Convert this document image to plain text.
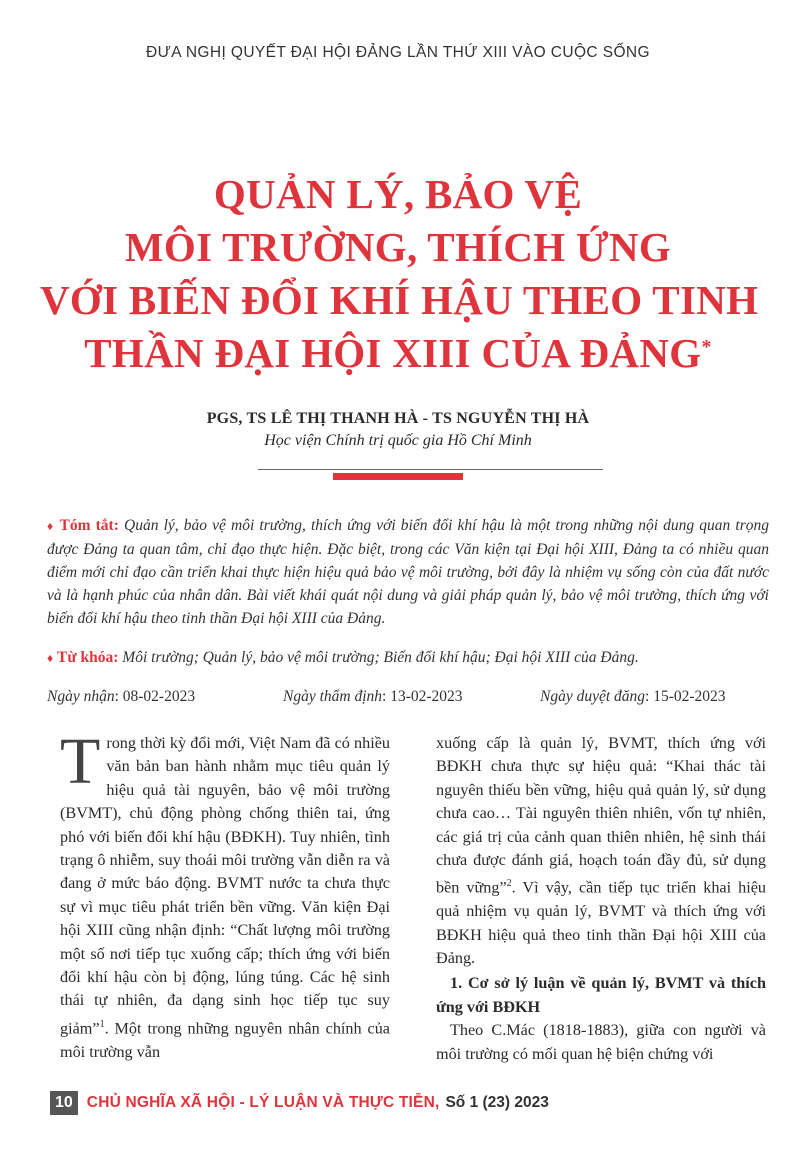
ĐƯA NGHỊ QUYẾT ĐẠI HỘI ĐẢNG LẦN THỨ XIII VÀO CUỘC SỐNG
QUẢN LÝ, BẢO VỆ
MÔI TRƯỜNG, THÍCH ỨNG
VỚI BIẾN ĐỔI KHÍ HẬU THEO TINH
THẦN ĐẠI HỘI XIII CỦA ĐẢNG*
PGS, TS LÊ THỊ THANH HÀ - TS NGUYỄN THỊ HÀ
Học viện Chính trị quốc gia Hồ Chí Minh
♦ Tóm tắt: Quản lý, bảo vệ môi trường, thích ứng với biến đổi khí hậu là một trong những nội dung quan trọng được Đảng ta quan tâm, chỉ đạo thực hiện. Đặc biệt, trong các Văn kiện tại Đại hội XIII, Đảng ta có nhiều quan điểm mới chỉ đạo cần triển khai thực hiện hiệu quả bảo vệ môi trường, bởi đây là nhiệm vụ sống còn của đất nước và là hạnh phúc của nhân dân. Bài viết khái quát nội dung và giải pháp quản lý, bảo vệ môi trường, thích ứng với biến đổi khí hậu theo tinh thần Đại hội XIII của Đảng.
♦ Từ khóa: Môi trường; Quản lý, bảo vệ môi trường; Biến đổi khí hậu; Đại hội XIII của Đảng.
Ngày nhận: 08-02-2023	Ngày thẩm định: 13-02-2023	Ngày duyệt đăng: 15-02-2023

Trong thời kỳ đổi mới, Việt Nam đã có nhiều văn bản ban hành nhằm mục tiêu quản lý hiệu quả tài nguyên, bảo vệ môi trường (BVMT), chủ động phòng chống thiên tai, ứng phó với biến đổi khí hậu (BĐKH). Tuy nhiên, tình trạng ô nhiễm, suy thoái môi trường vẫn diễn ra và đang ở mức báo động. BVMT nước ta chưa thực sự vì mục tiêu phát triển bền vững. Văn kiện Đại hội XIII cũng nhận định: “Chất lượng môi trường một số nơi tiếp tục xuống cấp; thích ứng với biến đổi khí hậu còn bị động, lúng túng. Các hệ sinh thái tự nhiên, đa dạng sinh học tiếp tục suy giảm”$^1$. Một trong những nguyên nhân chính của môi trường vẫn

xuống cấp là quản lý, BVMT, thích ứng với BĐKH chưa thực sự hiệu quả: “Khai thác tài nguyên thiếu bền vững, hiệu quả quản lý, sử dụng chưa cao… Tài nguyên thiên nhiên, vốn tự nhiên, các giá trị của cảnh quan thiên nhiên, hệ sinh thái chưa được đánh giá, hoạch toán đầy đủ, sử dụng bền vững”$^2$. Vì vậy, cần tiếp tục triển khai hiệu quả nhiệm vụ quản lý, BVMT và thích ứng với BĐKH hiệu quả theo tinh thần Đại hội XIII của Đảng.

1. Cơ sở lý luận về quản lý, BVMT và thích ứng với BĐKH

Theo C.Mác (1818-1883), giữa con người và môi trường có mối quan hệ biện chứng với

10 CHỦ NGHĨA XÃ HỘI - LÝ LUẬN VÀ THỰC TIỄN, Số 1 (23) 2023
